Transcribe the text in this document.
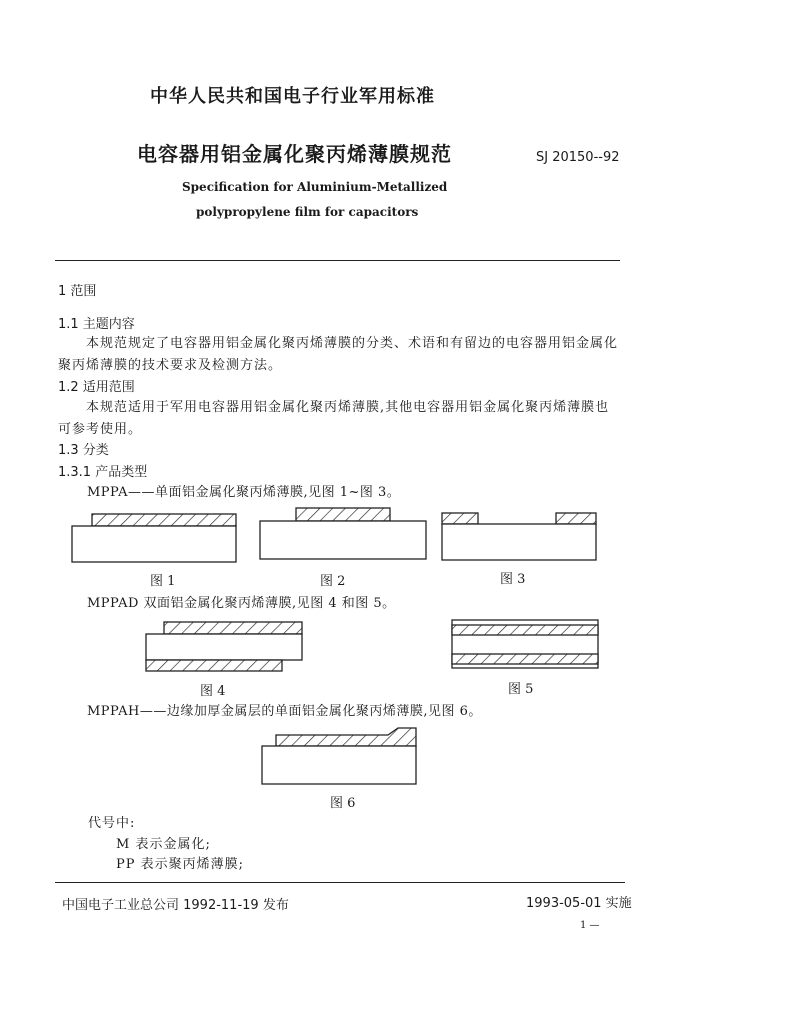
中华人民共和国电子行业军用标准
电容器用铝金属化聚丙烯薄膜规范	SJ 20150--92
Specification for Aluminium-Metallized
polypropylene film for capacitors
1 范围
1.1 主题内容
本规范规定了电容器用铝金属化聚丙烯薄膜的分类、术语和有留边的电容器用铝金属化
聚丙烯薄膜的技术要求及检测方法。
1.2 适用范围
本规范适用于军用电容器用铝金属化聚丙烯薄膜,其他电容器用铝金属化聚丙烯薄膜也
可参考使用。
1.3 分类
1.3.1 产品类型
MPPA——单面铝金属化聚丙烯薄膜,见图 1~图 3。
图 1	图 2	图 3
MPPAD 双面铝金属化聚丙烯薄膜,见图 4 和图 5。
图 4	图 5
MPPAH——边缘加厚金属层的单面铝金属化聚丙烯薄膜,见图 6。
图 6
代号中:
M 表示金属化;
PP 表示聚丙烯薄膜;
中国电子工业总公司 1992-11-19 发布	1993-05-01 实施
1 —
